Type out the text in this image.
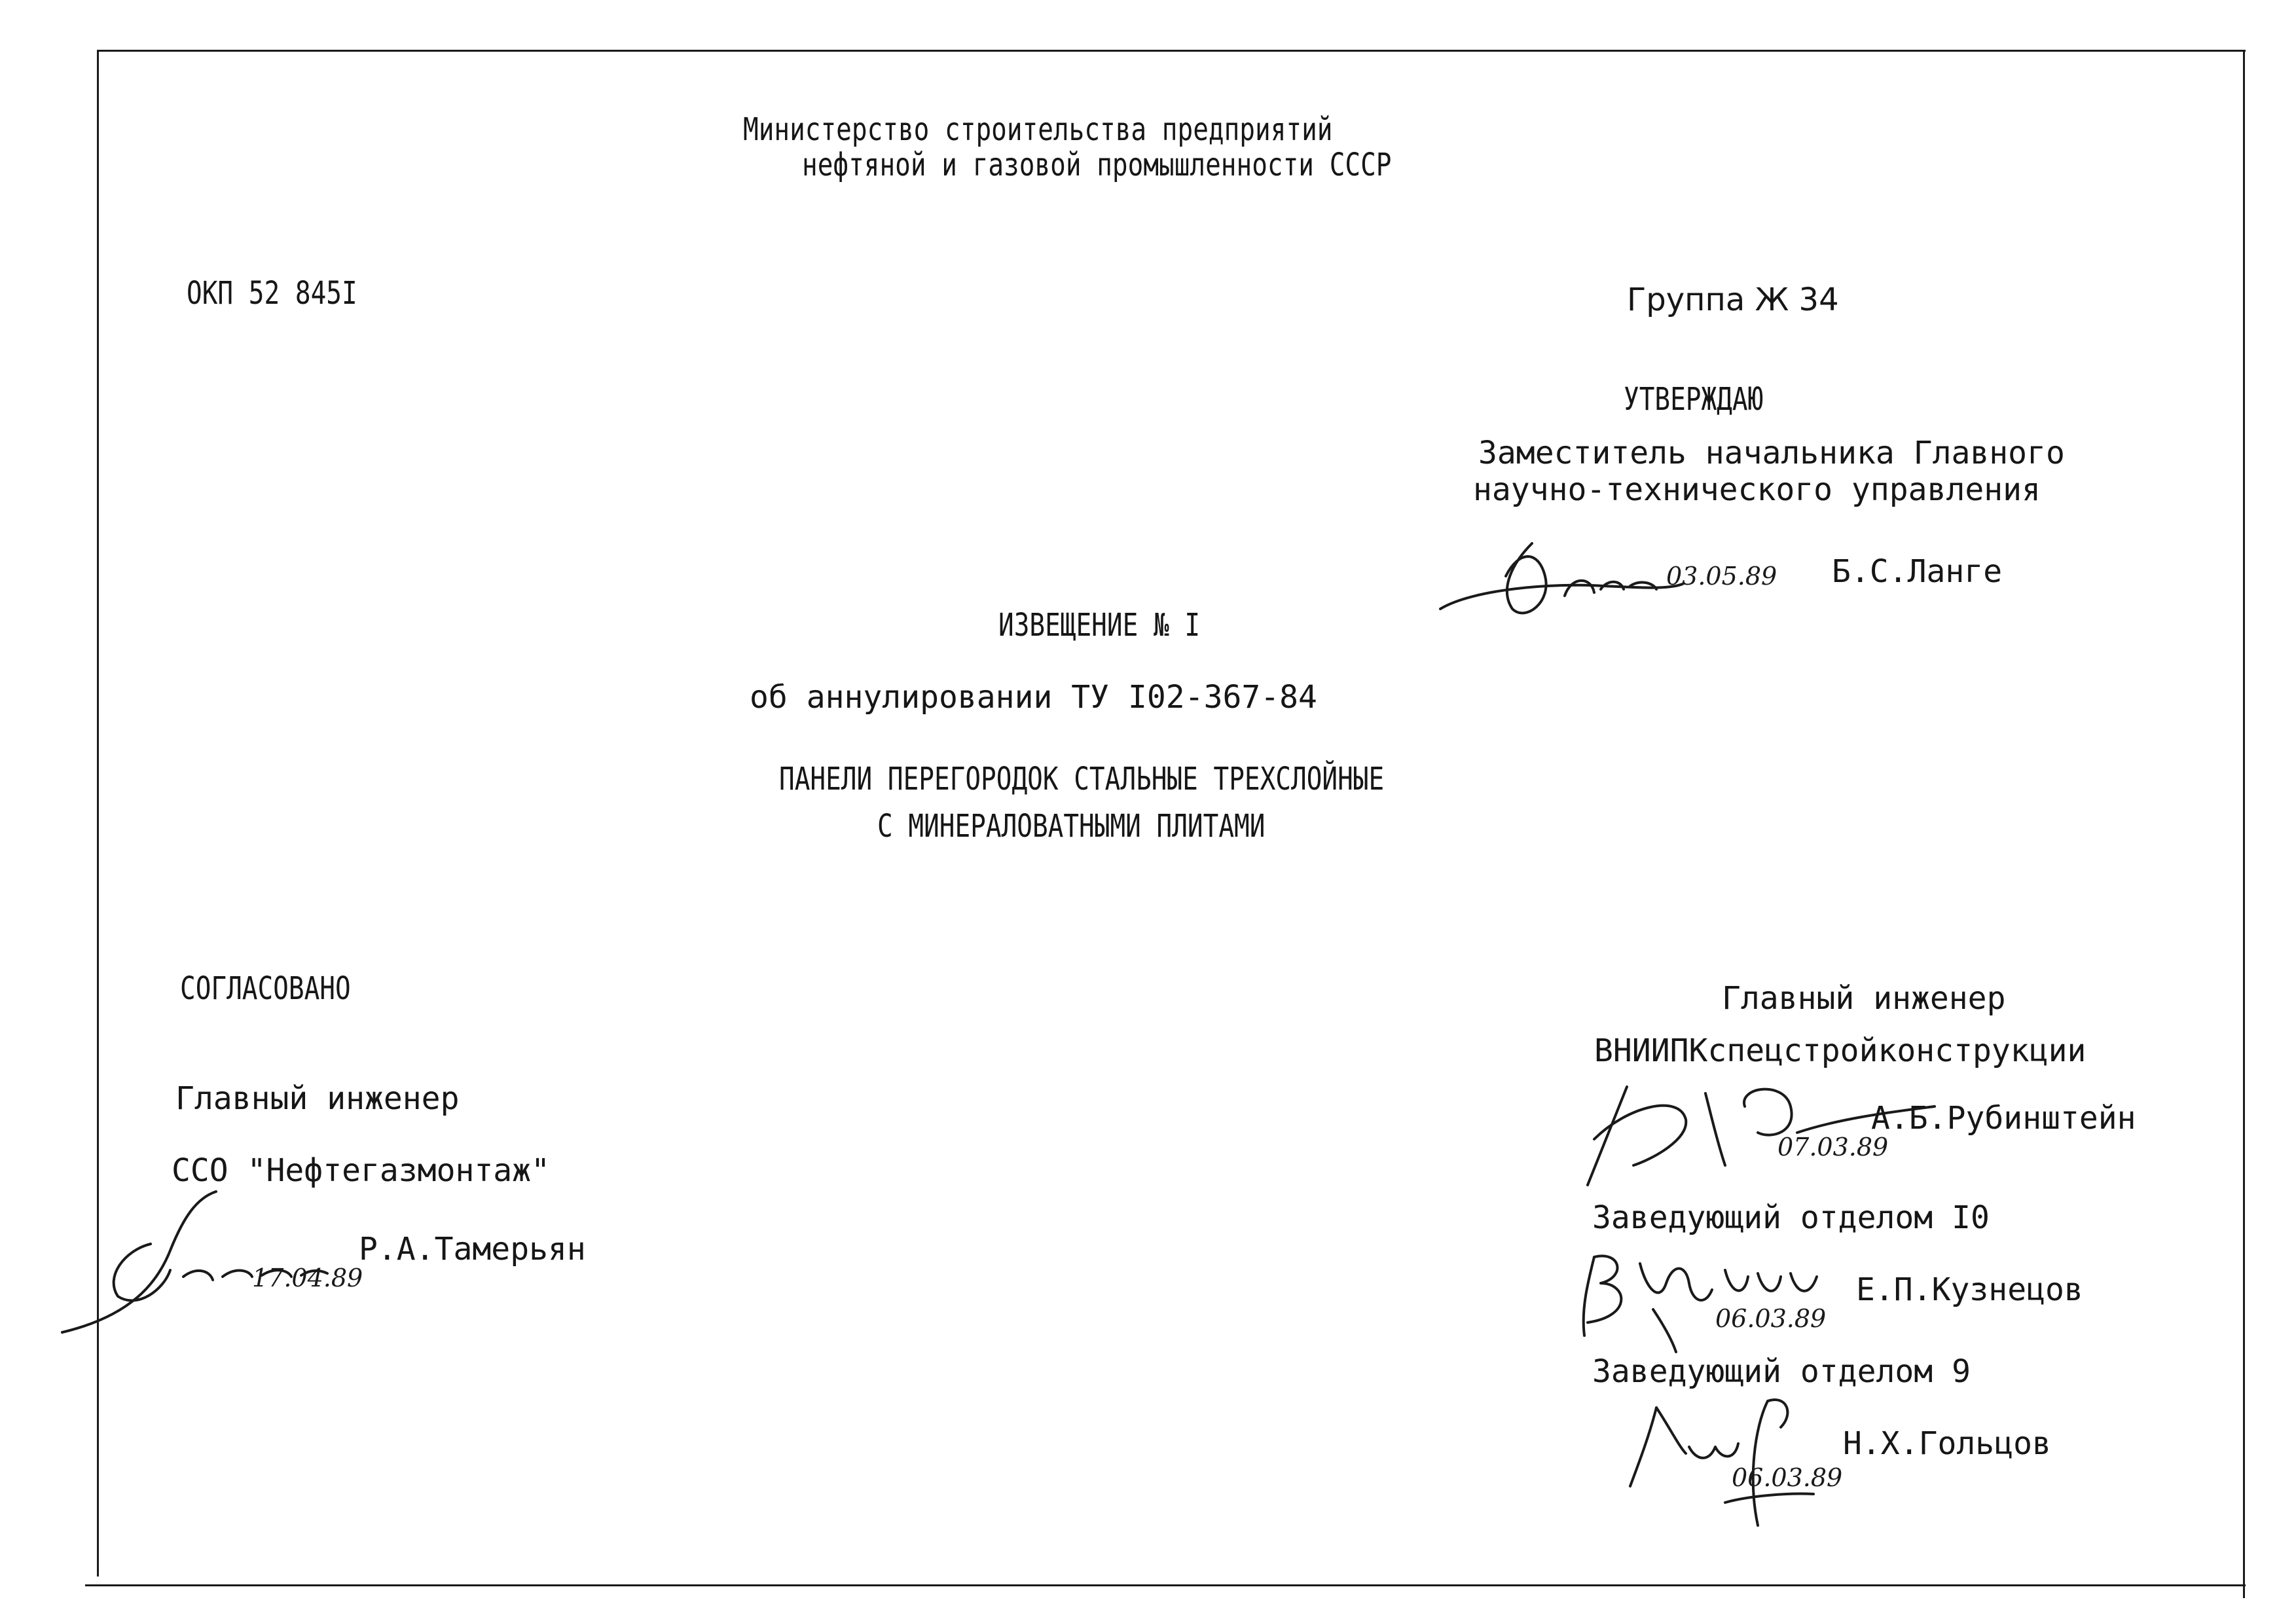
Министерство строительства предприятий
нефтяной и газовой промышленности СССР
ОКП 52 845I	Группа Ж 34
УТВЕРЖДАЮ
Заместитель начальника Главного
научно-технического управления
03.05.89 Б.С.Ланге
ИЗВЕЩЕНИЕ № I
об аннулировании ТУ I02-367-84
ПАНЕЛИ ПЕРЕГОРОДОК СТАЛЬНЫЕ ТРЕХСЛОЙНЫЕ
С МИНЕРАЛОВАТНЫМИ ПЛИТАМИ
СОГЛАСОВАНО
Главный инженер
ССО "Нефтегазмонтаж"
17.04.89
Р.А.Тамерьян
Главный инженер
ВНИИПКспецстройконструкции
07.03.89
А.Б.Рубинштейн
Заведующий отделом I0
06.03.89
Е.П.Кузнецов
Заведующий отделом 9
06.03.89
Н.Х.Гольцов
